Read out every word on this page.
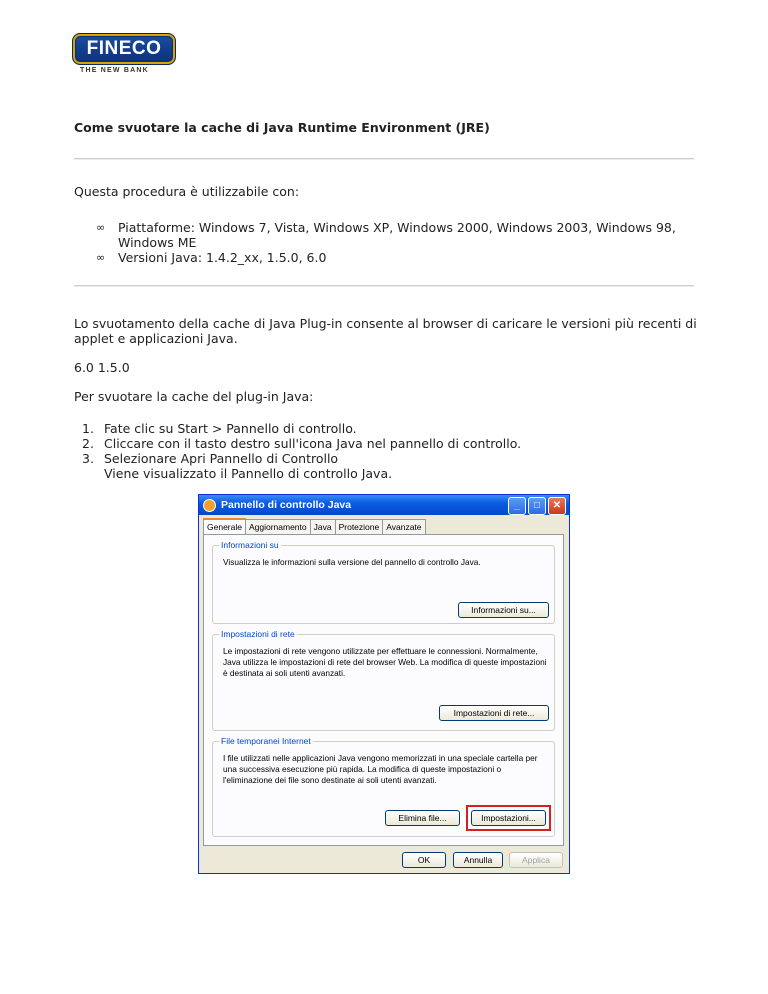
FINECO
THE NEW BANK
Come svuotare la cache di Java Runtime Environment (JRE)
Questa procedura è utilizzabile con:
∞ Piattaforme: Windows 7, Vista, Windows XP, Windows 2000, Windows 2003, Windows 98, Windows ME
∞ Versioni Java: 1.4.2_xx, 1.5.0, 6.0
Lo svuotamento della cache di Java Plug-in consente al browser di caricare le versioni più recenti di applet e applicazioni Java.
6.0 1.5.0
Per svuotare la cache del plug-in Java:
1. Fate clic su Start > Pannello di controllo.
2. Cliccare con il tasto destro sull'icona Java nel pannello di controllo.
3. Selezionare Apri Pannello di Controllo
Viene visualizzato il Pannello di controllo Java.
Pannello di controllo Java	_	□	✕
Generale Aggiornamento Java Protezione Avanzate
Informazioni su
Visualizza le informazioni sulla versione del pannello di controllo Java.
Informazioni su...
Impostazioni di rete
Le impostazioni di rete vengono utilizzate per effettuare le connessioni. Normalmente, Java utilizza le impostazioni di rete del browser Web. La modifica di queste impostazioni è destinata ai soli utenti avanzati.
Impostazioni di rete...
File temporanei Internet
I file utilizzati nelle applicazioni Java vengono memorizzati in una speciale cartella per una successiva esecuzione più rapida. La modifica di queste impostazioni o l'eliminazione dei file sono destinate ai soli utenti avanzati.
Elimina file...	Impostazioni...
OK	Annulla	Applica
